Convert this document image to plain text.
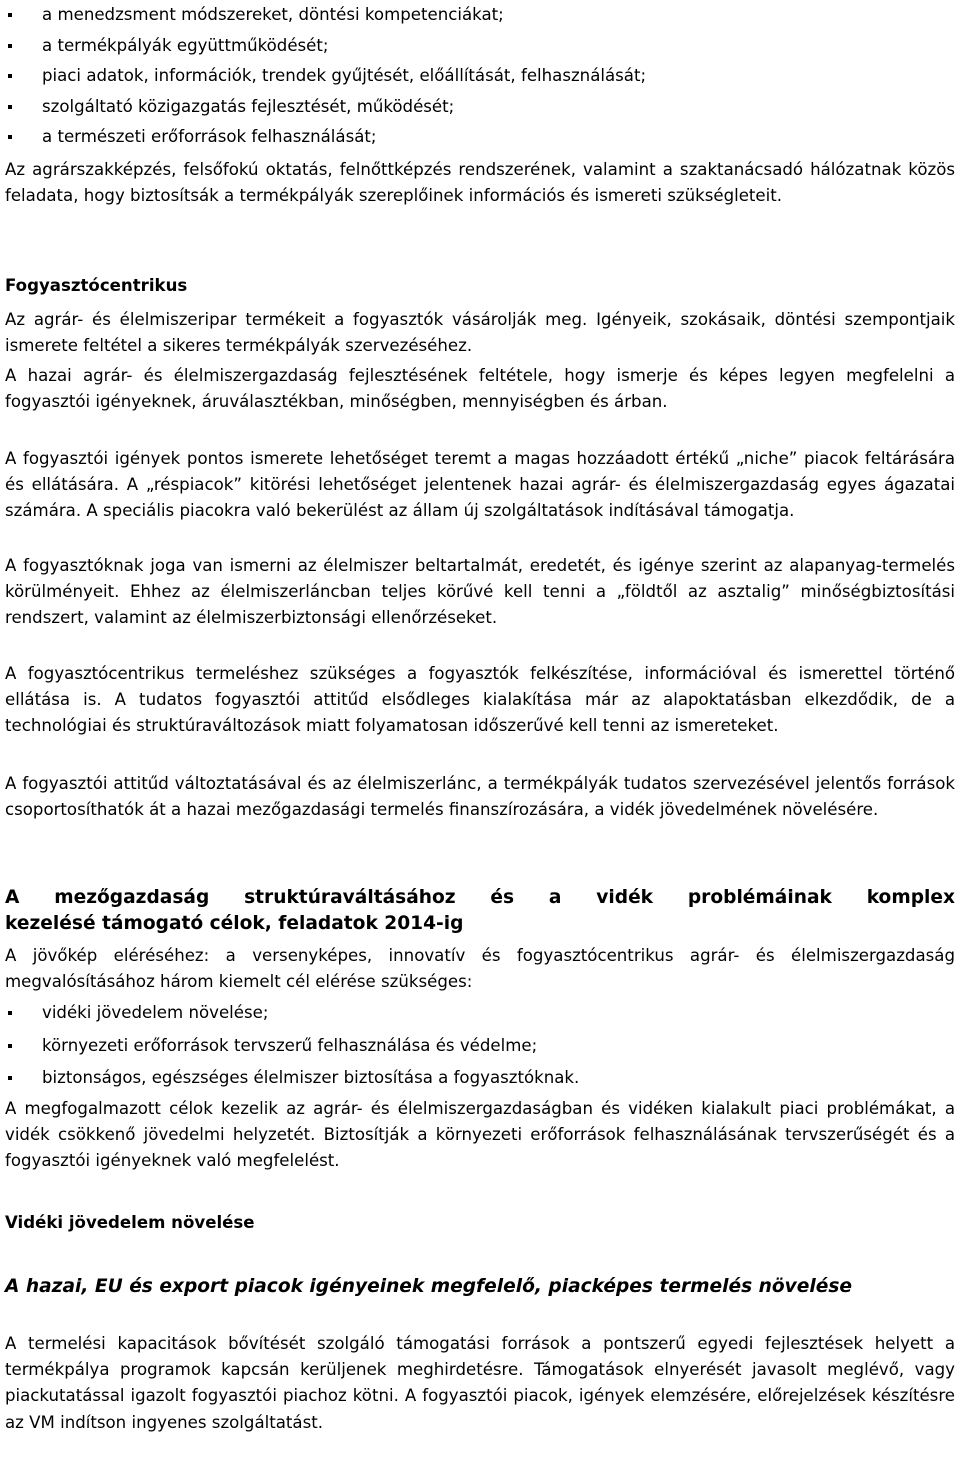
a menedzsment módszereket, döntési kompetenciákat;
a termékpályák együttműködését;
piaci adatok, információk, trendek gyűjtését, előállítását, felhasználását;
szolgáltató közigazgatás fejlesztését, működését;
a természeti erőforrások felhasználását;

Az agrárszakképzés, felsőfokú oktatás, felnőttképzés rendszerének, valamint a szaktanácsadó hálózatnak közös feladata, hogy biztosítsák a termékpályák szereplőinek információs és ismereti szükségleteit.

Fogyasztócentrikus

Az agrár- és élelmiszeripar termékeit a fogyasztók vásárolják meg. Igényeik, szokásaik, döntési szempontjaik ismerete feltétel a sikeres termékpályák szervezéséhez.

A hazai agrár- és élelmiszergazdaság fejlesztésének feltétele, hogy ismerje és képes legyen megfelelni a fogyasztói igényeknek, áruválasztékban, minőségben, mennyiségben és árban.

A fogyasztói igények pontos ismerete lehetőséget teremt a magas hozzáadott értékű „niche” piacok feltárására és ellátására. A „réspiacok” kitörési lehetőséget jelentenek hazai agrár- és élelmiszergazdaság egyes ágazatai számára. A speciális piacokra való bekerülést az állam új szolgáltatások indításával támogatja.

A fogyasztóknak joga van ismerni az élelmiszer beltartalmát, eredetét, és igénye szerint az alapanyag-termelés körülményeit. Ehhez az élelmiszerláncban teljes körűvé kell tenni a „földtől az asztalig” minőségbiztosítási rendszert, valamint az élelmiszerbiztonsági ellenőrzéseket.

A fogyasztócentrikus termeléshez szükséges a fogyasztók felkészítése, információval és ismerettel történő ellátása is. A tudatos fogyasztói attitűd elsődleges kialakítása már az alapoktatásban elkezdődik, de a technológiai és struktúraváltozások miatt folyamatosan időszerűvé kell tenni az ismereteket.

A fogyasztói attitűd változtatásával és az élelmiszerlánc, a termékpályák tudatos szervezésével jelentős források csoportosíthatók át a hazai mezőgazdasági termelés finanszírozására, a vidék jövedelmének növelésére.

A mezőgazdaság struktúraváltásához és a vidék problémáinak komplex

kezelésé támogató célok, feladatok 2014-ig

A jövőkép eléréséhez: a versenyképes, innovatív és fogyasztócentrikus agrár- és élelmiszergazdaság megvalósításához három kiemelt cél elérése szükséges:

vidéki jövedelem növelése;
környezeti erőforrások tervszerű felhasználása és védelme;
biztonságos, egészséges élelmiszer biztosítása a fogyasztóknak.

A megfogalmazott célok kezelik az agrár- és élelmiszergazdaságban és vidéken kialakult piaci problémákat, a vidék csökkenő jövedelmi helyzetét. Biztosítják a környezeti erőforrások felhasználásának tervszerűségét és a fogyasztói igényeknek való megfelelést.

Vidéki jövedelem növelése

A hazai, EU és export piacok igényeinek megfelelő, piacképes termelés növelése

A termelési kapacitások bővítését szolgáló támogatási források a pontszerű egyedi fejlesztések helyett a termékpálya programok kapcsán kerüljenek meghirdetésre. Támogatások elnyerését javasolt meglévő, vagy piackutatással igazolt fogyasztói piachoz kötni. A fogyasztói piacok, igények elemzésére, előrejelzések készítésre az VM indítson ingyenes szolgáltatást.
